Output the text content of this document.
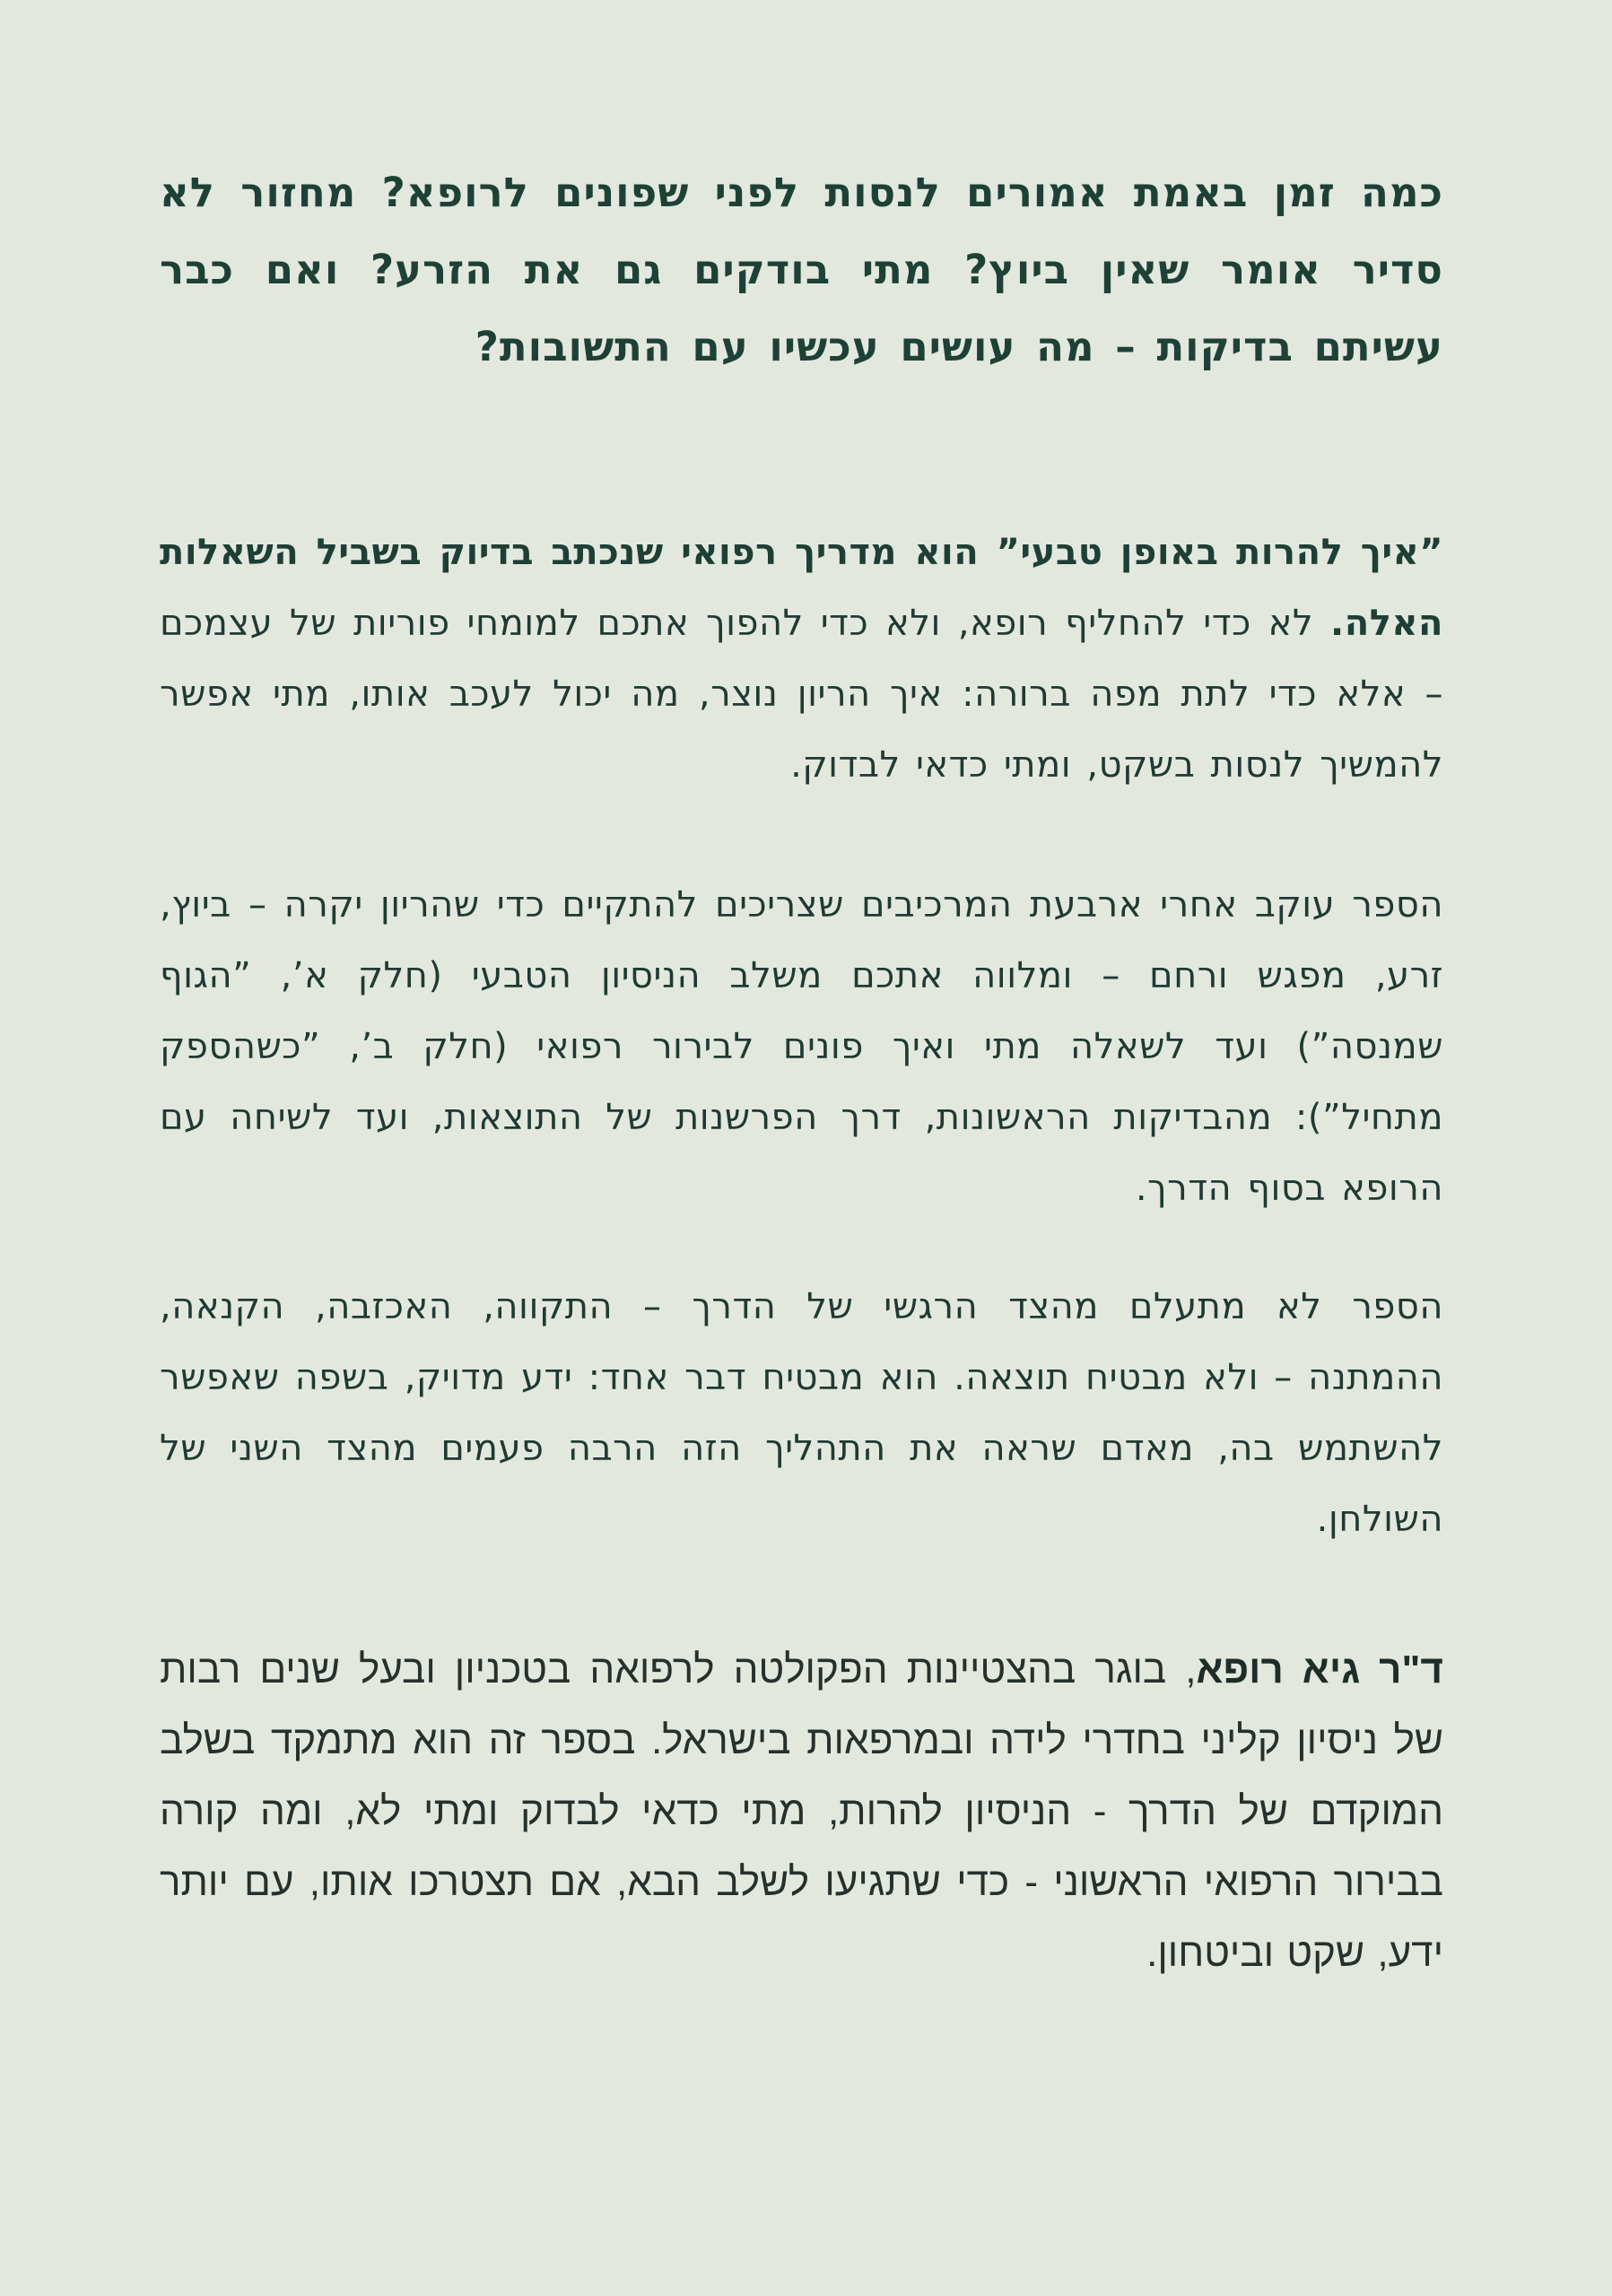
כמה זמן באמת אמורים לנסות לפני שפונים לרופא? מחזור לא סדיר אומר שאין ביוץ? מתי בודקים גם את הזרע? ואם כבר עשיתם בדיקות – מה עושים עכשיו עם התשובות?

”איך להרות באופן טבעי” הוא מדריך רפואי שנכתב בדיוק בשביל השאלות האלה. לא כדי להחליף רופא, ולא כדי להפוך אתכם למומחי פוריות של עצמכם – אלא כדי לתת מפה ברורה: איך הריון נוצר, מה יכול לעכב אותו, מתי אפשר להמשיך לנסות בשקט, ומתי כדאי לבדוק.

הספר עוקב אחרי ארבעת המרכיבים שצריכים להתקיים כדי שהריון יקרה – ביוץ, זרע, מפגש ורחם – ומלווה אתכם משלב הניסיון הטבעי (חלק א’, ”הגוף שמנסה”) ועד לשאלה מתי ואיך פונים לבירור רפואי (חלק ב’, ”כשהספק מתחיל”): מהבדיקות הראשונות, דרך הפרשנות של התוצאות, ועד לשיחה עם הרופא בסוף הדרך.

הספר לא מתעלם מהצד הרגשי של הדרך – התקווה, האכזבה, הקנאה, ההמתנה – ולא מבטיח תוצאה. הוא מבטיח דבר אחד: ידע מדויק, בשפה שאפשר להשתמש בה, מאדם שראה את התהליך הזה הרבה פעמים מהצד השני של השולחן.

ד"ר גיא רופא, בוגר בהצטיינות הפקולטה לרפואה בטכניון ובעל שנים רבות של ניסיון קליני בחדרי לידה ובמרפאות בישראל. בספר זה הוא מתמקד בשלב המוקדם של הדרך - הניסיון להרות, מתי כדאי לבדוק ומתי לא, ומה קורה בבירור הרפואי הראשוני - כדי שתגיעו לשלב הבא, אם תצטרכו אותו, עם יותר ידע, שקט וביטחון.
